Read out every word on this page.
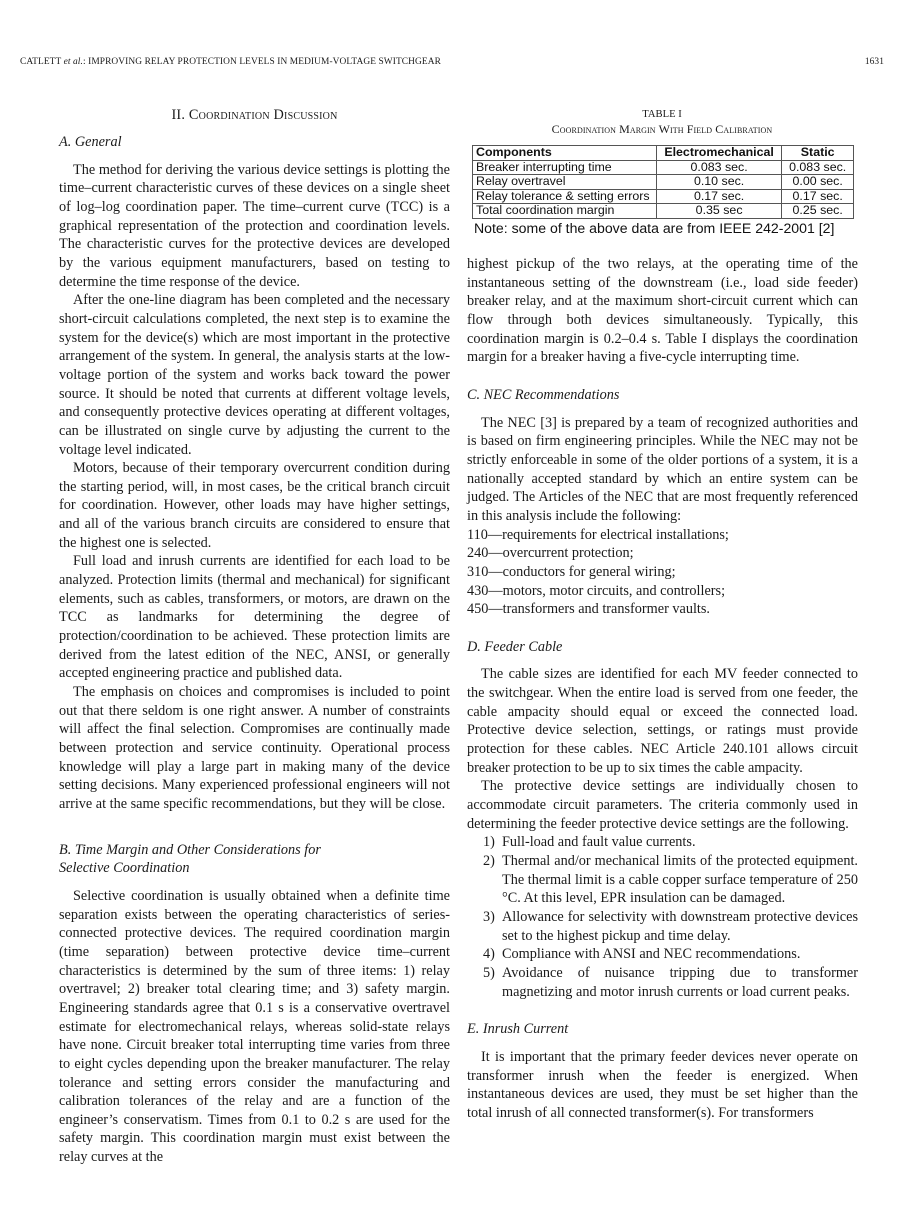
CATLETT et al.: IMPROVING RELAY PROTECTION LEVELS IN MEDIUM-VOLTAGE SWITCHGEAR	1631
II. Coordination Discussion
A. General

The method for deriving the various device settings is plotting the time–current characteristic curves of these devices on a single sheet of log–log coordination paper. The time–current curve (TCC) is a graphical representation of the protection and coordination levels. The characteristic curves for the protective devices are developed by the various equipment manufacturers, based on testing to determine the time response of the device.

After the one-line diagram has been completed and the necessary short-circuit calculations completed, the next step is to examine the system for the device(s) which are most important in the protective arrangement of the system. In general, the analysis starts at the low-voltage portion of the system and works back toward the power source. It should be noted that currents at different voltage levels, and consequently protective devices operating at different voltages, can be illustrated on single curve by adjusting the current to the voltage level indicated.

Motors, because of their temporary overcurrent condition during the starting period, will, in most cases, be the critical branch circuit for coordination. However, other loads may have higher settings, and all of the various branch circuits are considered to ensure that the highest one is selected.

Full load and inrush currents are identified for each load to be analyzed. Protection limits (thermal and mechanical) for significant elements, such as cables, transformers, or motors, are drawn on the TCC as landmarks for determining the degree of protection/coordination to be achieved. These protection limits are derived from the latest edition of the NEC, ANSI, or generally accepted engineering practice and published data.

The emphasis on choices and compromises is included to point out that there seldom is one right answer. A number of constraints will affect the final selection. Compromises are continually made between protection and service continuity. Operational process knowledge will play a large part in making many of the device setting decisions. Many experienced professional engineers will not arrive at the same specific recommendations, but they will be close.

B. Time Margin and Other Considerations for
Selective Coordination

Selective coordination is usually obtained when a definite time separation exists between the operating characteristics of series-connected protective devices. The required coordination margin (time separation) between protective device time–current characteristics is determined by the sum of three items: 1) relay overtravel; 2) breaker total clearing time; and 3) safety margin. Engineering standards agree that 0.1 s is a conservative overtravel estimate for electromechanical relays, whereas solid-state relays have none. Circuit breaker total interrupting time varies from three to eight cycles depending upon the breaker manufacturer. The relay tolerance and setting errors consider the manufacturing and calibration tolerances of the relay and are a function of the engineer’s conservatism. Times from 0.1 to 0.2 s are used for the safety margin. This coordination margin must exist between the relay curves at the

TABLE I
Coordination Margin With Field Calibration
Components	Electromechanical	Static
Breaker interrupting time	0.083 sec.	0.083 sec.
Relay overtravel	0.10 sec.	0.00 sec.
Relay tolerance & setting errors	0.17 sec.	0.17 sec.
Total coordination margin	0.35 sec	0.25 sec.
Note: some of the above data are from IEEE 242-2001 [2]

highest pickup of the two relays, at the operating time of the instantaneous setting of the downstream (i.e., load side feeder) breaker relay, and at the maximum short-circuit current which can flow through both devices simultaneously. Typically, this coordination margin is 0.2–0.4 s. Table I displays the coordination margin for a breaker having a five-cycle interrupting time.

C. NEC Recommendations

The NEC [3] is prepared by a team of recognized authorities and is based on firm engineering principles. While the NEC may not be strictly enforceable in some of the older portions of a system, it is a nationally accepted standard by which an entire system can be judged. The Articles of the NEC that are most frequently referenced in this analysis include the following:

110—requirements for electrical installations;
240—overcurrent protection;
310—conductors for general wiring;
430—motors, motor circuits, and controllers;
450—transformers and transformer vaults.
D. Feeder Cable

The cable sizes are identified for each MV feeder connected to the switchgear. When the entire load is served from one feeder, the cable ampacity should equal or exceed the connected load. Protective device selection, settings, or ratings must provide protection for these cables. NEC Article 240.101 allows circuit breaker protection to be up to six times the cable ampacity.

The protective device settings are individually chosen to accommodate circuit parameters. The criteria commonly used in determining the feeder protective device settings are the following.

1) Full-load and fault value currents.
2) Thermal and/or mechanical limits of the protected equipment. The thermal limit is a cable copper surface temperature of 250 °C. At this level, EPR insulation can be damaged.
3) Allowance for selectivity with downstream protective devices set to the highest pickup and time delay.
4) Compliance with ANSI and NEC recommendations.
5) Avoidance of nuisance tripping due to transformer magnetizing and motor inrush currents or load current peaks.
E. Inrush Current

It is important that the primary feeder devices never operate on transformer inrush when the feeder is energized. When instantaneous devices are used, they must be set higher than the total inrush of all connected transformer(s). For transformers
